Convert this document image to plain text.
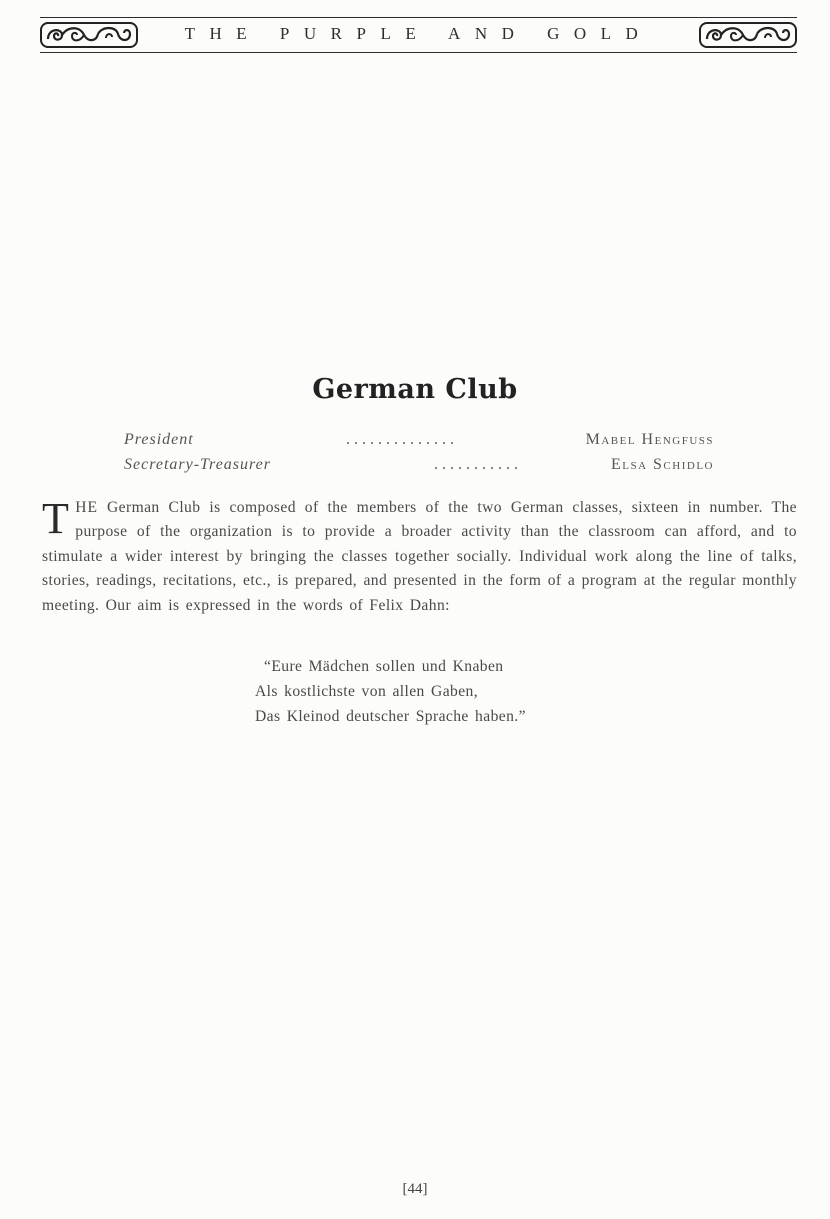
THE PURPLE AND GOLD
German Club
President	. . . . . . . . . . . . . .	Mabel Hengfuss
Secretary-Treasurer	. . . . . . . . . . .	Elsa Schidlo
THE German Club is composed of the members of the two German classes, sixteen in number. The purpose of the organization is to provide a broader activity than the classroom can afford, and to stimulate a wider interest by bringing the classes together socially. Individual work along the line of talks, stories, readings, recitations, etc., is prepared, and presented in the form of a program at the regular monthly meeting. Our aim is expressed in the words of Felix Dahn:
“Eure Mädchen sollen und Knaben
Als kostlichste von allen Gaben,
Das Kleinod deutscher Sprache haben.”
[44]
